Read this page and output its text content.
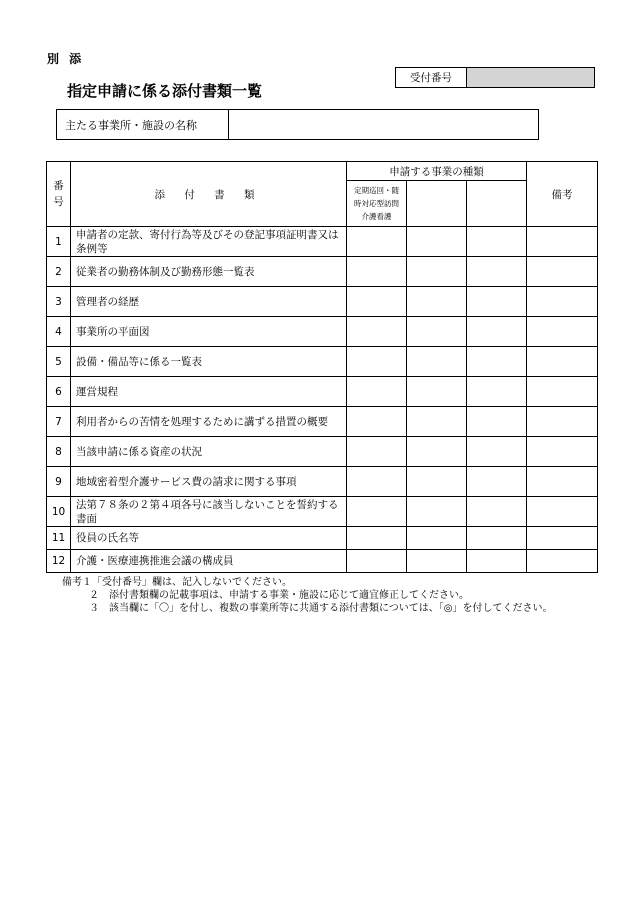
別 添
指定申請に係る添付書類一覧
受付番号
主たる事業所・施設の名称
番
号	添 付 書 類	申請する事業の種類			備考

		定期巡回・随
時対応型訪問
介護看護			

1	申請者の定款、寄付行為等及びその登記事項証明書又は条例等				
2	従業者の勤務体制及び勤務形態一覧表				
3	管理者の経歴				
4	事業所の平面図				
5	設備・備品等に係る一覧表				
6	運営規程				
7	利用者からの苦情を処理するために講ずる措置の概要				
8	当該申請に係る資産の状況				
9	地域密着型介護サービス費の請求に関する事項				
10	法第７８条の２第４項各号に該当しないことを誓約する書面				
11	役員の氏名等				
12	介護・医療連携推進会議の構成員				
備考１「受付番号」欄は、記入しないでください。
２　添付書類欄の記載事項は、申請する事業・施設に応じて適宜修正してください。
３　該当欄に「〇」を付し、複数の事業所等に共通する添付書類については、「◎」を付してください。
